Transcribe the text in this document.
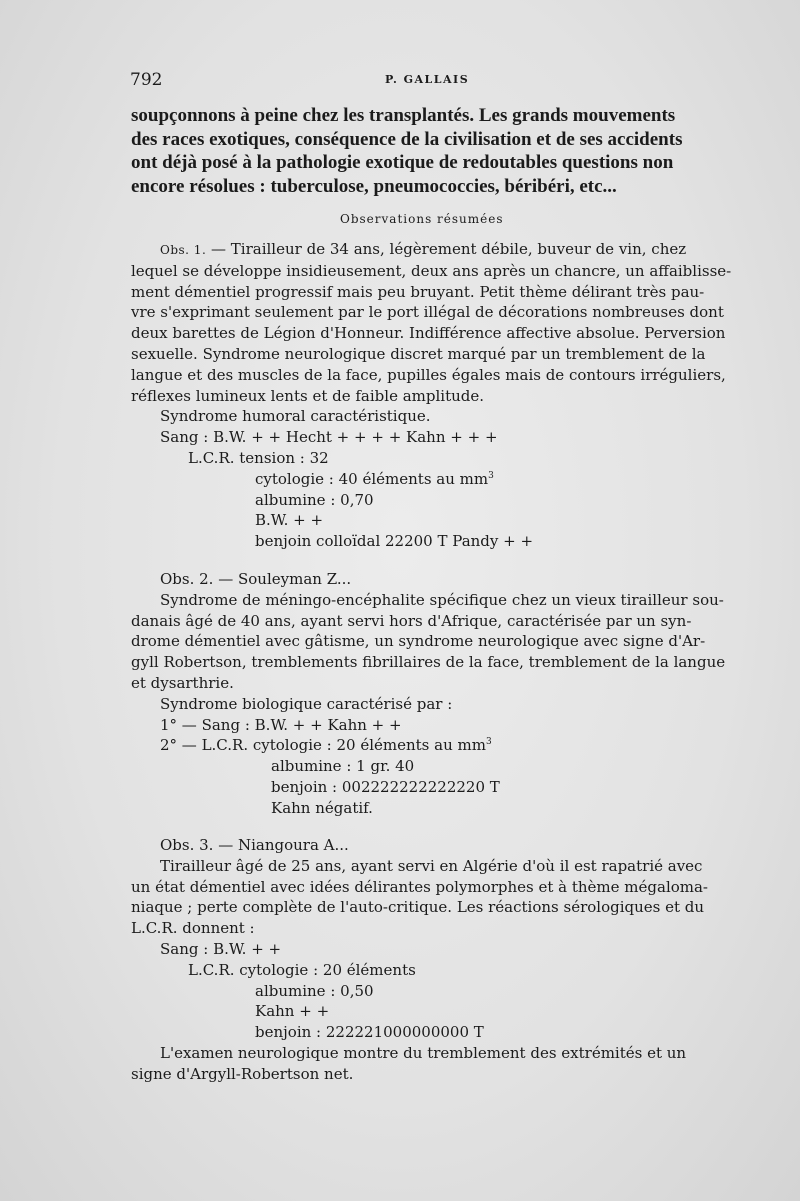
792	P. GALLAIS
soupçonnons à peine chez les transplantés. Les grands mouvements
des races exotiques, conséquence de la civilisation et de ses accidents
ont déjà posé à la pathologie exotique de redoutables questions non
encore résolues : tuberculose, pneumococcies, béribéri, etc...
Observations résumées
Obs. 1. — Tirailleur de 34 ans, légèrement débile, buveur de vin, chez
lequel se développe insidieusement, deux ans après un chancre, un affaiblisse-
ment démentiel progressif mais peu bruyant. Petit thème délirant très pau-
vre s'exprimant seulement par le port illégal de décorations nombreuses dont
deux barettes de Légion d'Honneur. Indifférence affective absolue. Perversion
sexuelle. Syndrome neurologique discret marqué par un tremblement de la
langue et des muscles de la face, pupilles égales mais de contours irréguliers,
réflexes lumineux lents et de faible amplitude.
Syndrome humoral caractéristique.
Sang : B.W. + + Hecht + + + + Kahn + + +
L.C.R. tension : 32
cytologie : 40 éléments au $mm^3$
albumine : 0,70
B.W. + +
benjoin colloïdal 22200 T Pandy + +
Obs. 2. — Souleyman Z...
Syndrome de méningo-encéphalite spécifique chez un vieux tirailleur sou-
danais âgé de 40 ans, ayant servi hors d'Afrique, caractérisée par un syn-
drome démentiel avec gâtisme, un syndrome neurologique avec signe d'Ar-
gyll Robertson, tremblements fibrillaires de la face, tremblement de la langue
et dysarthrie.
Syndrome biologique caractérisé par :
1° — Sang : B.W. + + Kahn + +
2° — L.C.R. cytologie : 20 éléments au $mm^3$
albumine : 1 gr. 40
benjoin : 002222222222220 T
Kahn négatif.
Obs. 3. — Niangoura A...
Tirailleur âgé de 25 ans, ayant servi en Algérie d'où il est rapatrié avec
un état démentiel avec idées délirantes polymorphes et à thème mégaloma-
niaque ; perte complète de l'auto-critique. Les réactions sérologiques et du
L.C.R. donnent :
Sang : B.W. + +
L.C.R. cytologie : 20 éléments
albumine : 0,50
Kahn + +
benjoin : 222221000000000 T
L'examen neurologique montre du tremblement des extrémités et un
signe d'Argyll-Robertson net.
